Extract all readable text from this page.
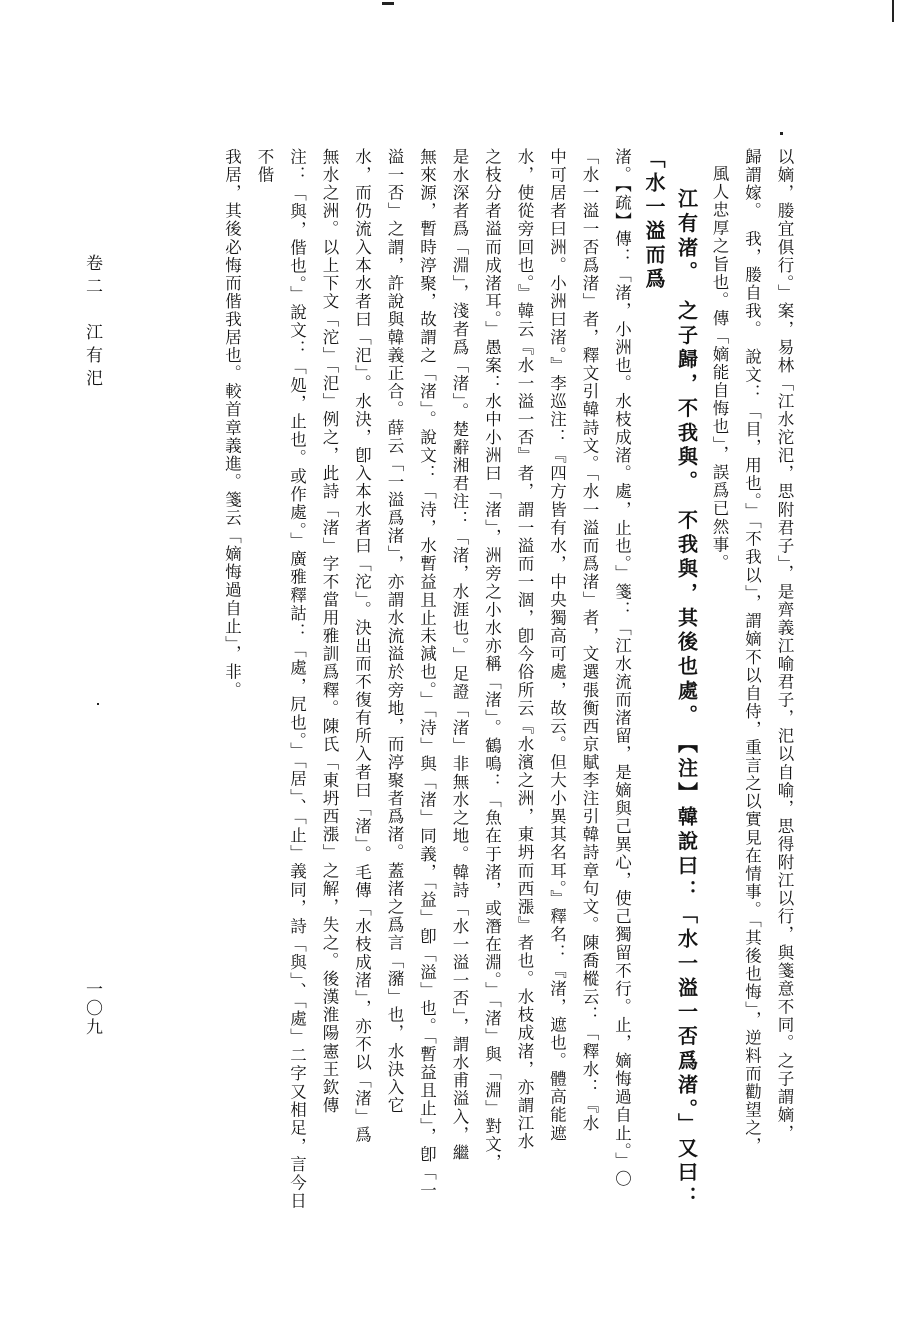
以嫡，媵宜俱行。」案，易林「江水沱汜，思附君子」，是齊義江喻君子，汜以自喻，思得附江以行，與箋意不同。之子謂嫡，

歸謂嫁。　我，媵自我。　說文：「目，用也。」「不我以」，謂嫡不以自侍，重言之以實見在情事。「其後也悔」，逆料而勸望之，

風人忠厚之旨也。傳「嫡能自悔也」，誤爲已然事。

江有渚。　之子歸，不我與。　不我與，其後也處。　【注】韓說曰：「水一溢一否爲渚。」又曰：「水一溢而爲

渚。【疏】傳：「渚，小洲也。水枝成渚。處，止也。」箋：「江水流而渚留，是嫡與己異心，使己獨留不行。止，嫡悔過自止。」〇

「水一溢一否爲渚」者，釋文引韓詩文。「水一溢而爲渚」者，文選張衡西京賦李注引韓詩章句文。陳喬樅云：「釋水：『水

中可居者曰洲。小洲曰渚。』李巡注：『四方皆有水，中央獨高可處，故云。但大小異其名耳。』釋名：『渚，遮也。體高能遮

水，使從旁回也。』韓云『水一溢一否』者，謂一溢而一涸，卽今俗所云『水濱之洲，東坍而西漲』者也。水枝成渚，亦謂江水

之枝分者溢而成渚耳。」愚案：水中小洲曰「渚」，洲旁之小水亦稱「渚」。鶴鳴：「魚在于渚，或潛在淵。」「渚」與「淵」對文，

是水深者爲「淵」，淺者爲「渚」。楚辭湘君注：「渚，水涯也。」足證「渚」非無水之地。韓詩「水一溢一否」，謂水甫溢入，繼

無來源，暫時渟聚，故謂之「渚」。說文：「洔，水暫益且止未減也。」「洔」與「渚」同義，「益」卽「溢」也。「暫益且止」，卽「一

溢一否」之謂，許說與韓義正合。薛云「一溢爲渚」，亦謂水流溢於旁地，而渟聚者爲渚。蓋渚之爲言「瀦」也，水決入它

水，而仍流入本水者曰「汜」。水決，卽入本水者曰「沱」。決出而不復有所入者曰「渚」。毛傳「水枝成渚」，亦不以「渚」爲

無水之洲。以上下文「沱」「汜」例之，此詩「渚」字不當用雅訓爲釋。陳氏「東坍西漲」之解，失之。後漢淮陽憲王欽傳

注：「與，偕也。」說文：「処，止也。或作處。」廣雅釋詁：「處，凥也。」「居」、「止」義同，詩「與」、「處」二字又相足，言今日不偕

我居，其後必悔而偕我居也。較首章義進。箋云「嫡悔過自止」，非。

卷二　江有汜
一〇九
